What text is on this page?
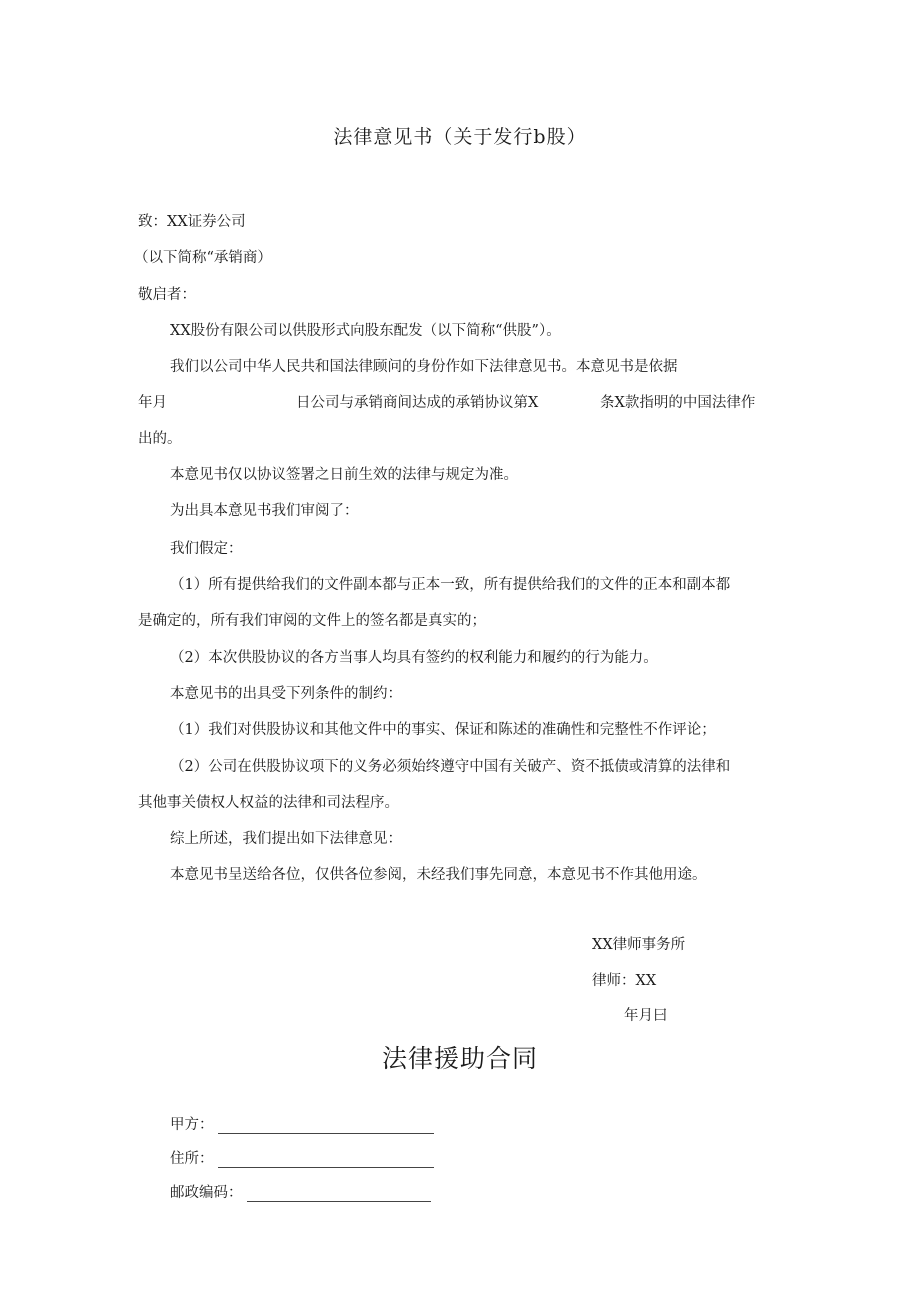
法律意见书（关于发行b股）
致：XX证券公司
（以下简称“承销商）
敬启者：
XX股份有限公司以供股形式向股东配发（以下简称“供股”）。
我们以公司中华人民共和国法律顾问的身份作如下法律意见书。本意见书是依据
年月	日公司与承销商间达成的承销协议第X	条X款指明的中国法律作
出的。
本意见书仅以协议签署之日前生效的法律与规定为准。
为出具本意见书我们审阅了：
我们假定：
（1）所有提供给我们的文件副本都与正本一致，所有提供给我们的文件的正本和副本都
是确定的，所有我们审阅的文件上的签名都是真实的；
（2）本次供股协议的各方当事人均具有签约的权利能力和履约的行为能力。
本意见书的出具受下列条件的制约：
（1）我们对供股协议和其他文件中的事实、保证和陈述的准确性和完整性不作评论；
（2）公司在供股协议项下的义务必须始终遵守中国有关破产、资不抵债或清算的法律和
其他事关债权人权益的法律和司法程序。
综上所述，我们提出如下法律意见：
本意见书呈送给各位，仅供各位参阅，未经我们事先同意，本意见书不作其他用途。
XX律师事务所
律师：XX
年月曰
法律援助合同
甲方：
住所：
邮政编码：
